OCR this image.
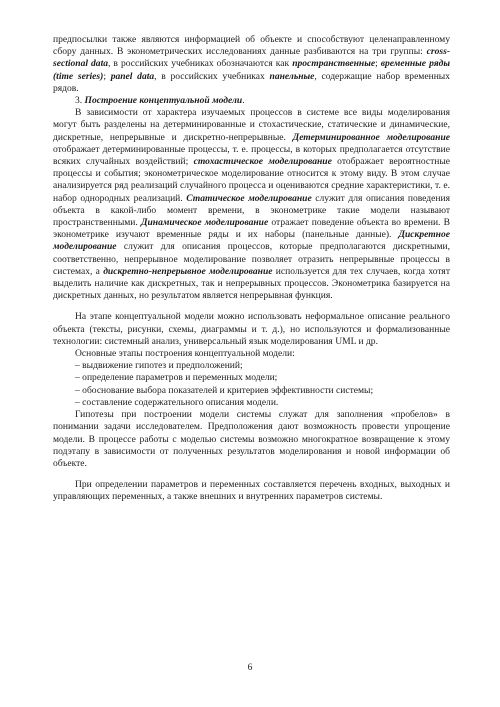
предпосылки также являются информацией об объекте и способствуют целенаправленному сбору данных. В эконометрических исследованиях данные разбиваются на три группы: cross-sectional data, в российских учебниках обозначаются как пространственные; временные ряды (time series); panel data, в российских учебниках панельные, содержащие набор временных рядов.

3. Построение концептуальной модели.

В зависимости от характера изучаемых процессов в системе все виды моделирования могут быть разделены на детерминированные и стохастические, статические и динамические, дискретные, непрерывные и дискретно-непрерывные. Детерминированное моделирование отображает детерминированные процессы, т. е. процессы, в которых предполагается отсутствие всяких случайных воздействий; стохастическое моделирование отображает вероятностные процессы и события; эконометрическое моделирование относится к этому виду. В этом случае анализируется ряд реализаций случайного процесса и оцениваются средние характеристики, т. е. набор однородных реализаций. Статическое моделирование служит для описания поведения объекта в какой-либо момент времени, в эконометрике такие модели называют пространственными. Динамическое моделирование отражает поведение объекта во времени. В эконометрике изучают временные ряды и их наборы (панельные данные). Дискретное моделирование служит для описания процессов, которые предполагаются дискретными, соответственно, непрерывное моделирование позволяет отразить непрерывные процессы в системах, а дискретно-непрерывное моделирование используется для тех случаев, когда хотят выделить наличие как дискретных, так и непрерывных процессов. Эконометрика базируется на дискретных данных, но результатом является непрерывная функция.

На этапе концептуальной модели можно использовать неформальное описание реального объекта (тексты, рисунки, схемы, диаграммы и т. д.), но используются и формализованные технологии: системный анализ, универсальный язык моделирования UML и др.

Основные этапы построения концептуальной модели:

– выдвижение гипотез и предположений;
– определение параметров и переменных модели;
– обоснование выбора показателей и критериев эффективности системы;
– составление содержательного описания модели.

Гипотезы при построении модели системы служат для заполнения «пробелов» в понимании задачи исследователем. Предположения дают возможность провести упрощение модели. В процессе работы с моделью системы возможно многократное возвращение к этому подэтапу в зависимости от полученных результатов моделирования и новой информации об объекте.

При определении параметров и переменных составляется перечень входных, выходных и управляющих переменных, а также внешних и внутренних параметров системы.

6
